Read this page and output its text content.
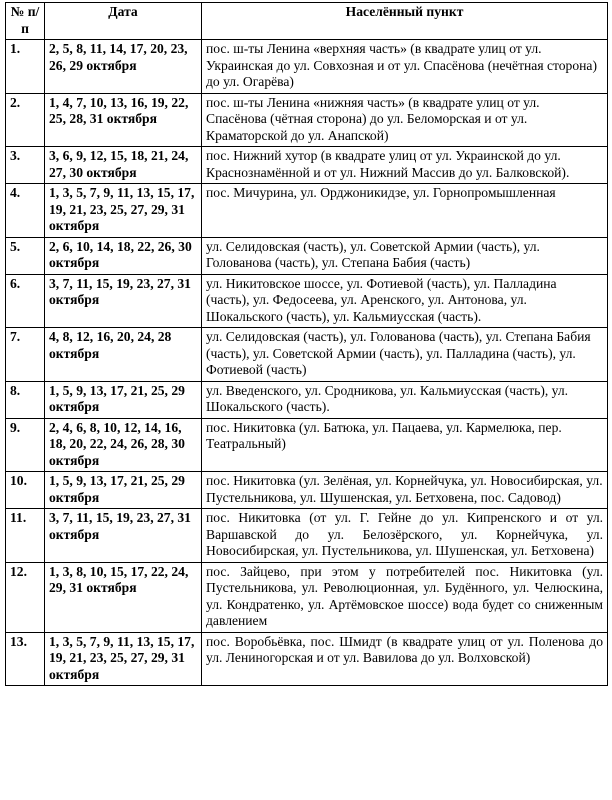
№ п/п	Дата	Населённый пункт
1.	2, 5, 8, 11, 14, 17, 20, 23, 26, 29 октября	пос. ш-ты Ленина «верхняя часть» (в квадрате улиц от ул. Украинская до ул. Совхозная и от ул. Спасёнова (нечётная сторона) до ул. Огарёва)
2.	1, 4, 7, 10, 13, 16, 19, 22, 25, 28, 31 октября	пос. ш-ты Ленина «нижняя часть» (в квадрате улиц от ул. Спасёнова (чётная сторона) до ул. Беломорская и от ул. Краматорской до ул. Анапской)
3.	3, 6, 9, 12, 15, 18, 21, 24, 27, 30 октября	пос. Нижний хутор (в квадрате улиц от ул. Украинской до ул. Краснознамённой и от ул. Нижний Массив до ул. Балковской).
4.	1, 3, 5, 7, 9, 11, 13, 15, 17, 19, 21, 23, 25, 27, 29, 31 октября	пос. Мичурина, ул. Орджоникидзе, ул. Горнопромышленная
5.	2, 6, 10, 14, 18, 22, 26, 30 октября	ул. Селидовская (часть), ул. Советской Армии (часть), ул. Голованова (часть), ул. Степана Бабия (часть)
6.	3, 7, 11, 15, 19, 23, 27, 31 октября	ул. Никитовское шоссе, ул. Фотиевой (часть), ул. Палладина (часть), ул. Федосеева, ул. Аренского, ул. Антонова, ул. Шокальского (часть), ул. Кальмиусская (часть).
7.	4, 8, 12, 16, 20, 24, 28 октября	ул. Селидовская (часть), ул. Голованова (часть), ул. Степана Бабия (часть), ул. Советской Армии (часть), ул. Палладина (часть), ул. Фотиевой (часть)
8.	1, 5, 9, 13, 17, 21, 25, 29 октября	ул. Введенского, ул. Сродникова, ул. Кальмиусская (часть), ул. Шокальского (часть).
9.	2, 4, 6, 8, 10, 12, 14, 16, 18, 20, 22, 24, 26, 28, 30 октября	пос. Никитовка (ул. Батюка, ул. Пацаева, ул. Кармелюка, пер. Театральный)
10.	1, 5, 9, 13, 17, 21, 25, 29 октября	пос. Никитовка (ул. Зелёная, ул. Корнейчука, ул. Новосибирская, ул. Пустельникова, ул. Шушенская, ул. Бетховена, пос. Садовод)
11.	3, 7, 11, 15, 19, 23, 27, 31 октября	пос. Никитовка (от ул. Г. Гейне до ул. Кипренского и от ул. Варшавской до ул. Белозёрского, ул. Корнейчука, ул. Новосибирская, ул. Пустельникова, ул. Шушенская, ул. Бетховена)
12.	1, 3, 8, 10, 15, 17, 22, 24, 29, 31 октября	пос. Зайцево, при этом у потребителей пос. Никитовка (ул. Пустельникова, ул. Революционная, ул. Будённого, ул. Челюскина, ул. Кондратенко, ул. Артёмовское шоссе) вода будет со сниженным давлением
13.	1, 3, 5, 7, 9, 11, 13, 15, 17, 19, 21, 23, 25, 27, 29, 31 октября	пос. Воробьёвка, пос. Шмидт (в квадрате улиц от ул. Поленова до ул. Лениногорская и от ул. Вавилова до ул. Волховской)
